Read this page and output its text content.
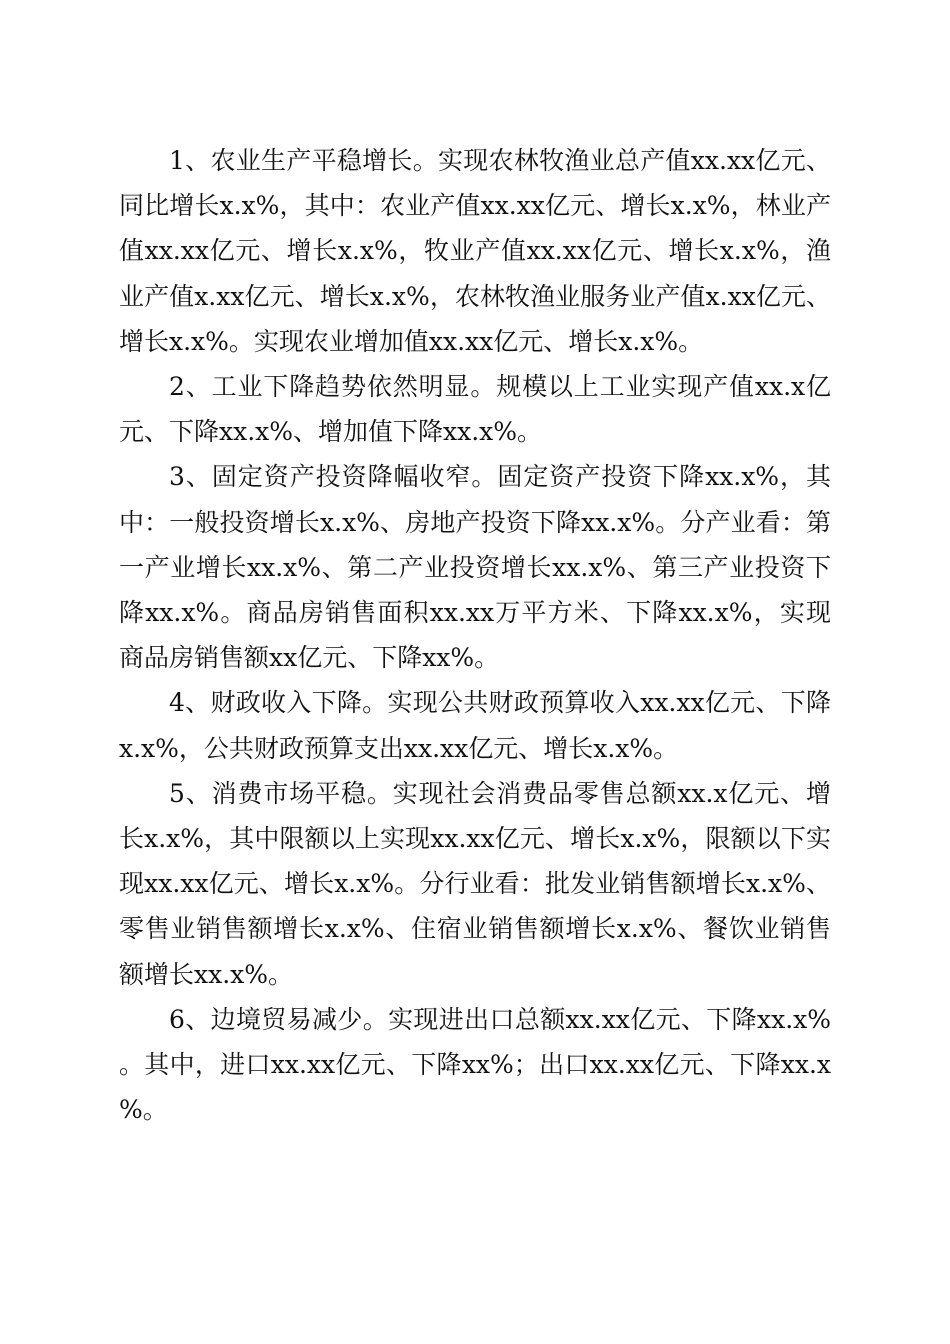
1、农业生产平稳增长。实现农林牧渔业总产值xx.xx亿元、同比增长x.x%，其中：农业产值xx.xx亿元、增长x.x%，林业产值xx.xx亿元、增长x.x%，牧业产值xx.xx亿元、增长x.x%，渔业产值x.xx亿元、增长x.x%，农林牧渔业服务业产值x.xx亿元、增长x.x%。实现农业增加值xx.xx亿元、增长x.x%。

2、工业下降趋势依然明显。规模以上工业实现产值xx.x亿元、下降xx.x%、增加值下降xx.x%。

3、固定资产投资降幅收窄。固定资产投资下降xx.x%，其中：一般投资增长x.x%、房地产投资下降xx.x%。分产业看：第一产业增长xx.x%、第二产业投资增长xx.x%、第三产业投资下降xx.x%。商品房销售面积xx.xx万平方米、下降xx.x%，实现商品房销售额xx亿元、下降xx%。

4、财政收入下降。实现公共财政预算收入xx.xx亿元、下降x.x%，公共财政预算支出xx.xx亿元、增长x.x%。

5、消费市场平稳。实现社会消费品零售总额xx.x亿元、增长x.x%，其中限额以上实现xx.xx亿元、增长x.x%，限额以下实现xx.xx亿元、增长x.x%。分行业看：批发业销售额增长x.x%、零售业销售额增长x.x%、住宿业销售额增长x.x%、餐饮业销售额增长xx.x%。

6、边境贸易减少。实现进出口总额xx.xx亿元、下降xx.x%。其中，进口xx.xx亿元、下降xx%；出口xx.xx亿元、下降xx.x%。
